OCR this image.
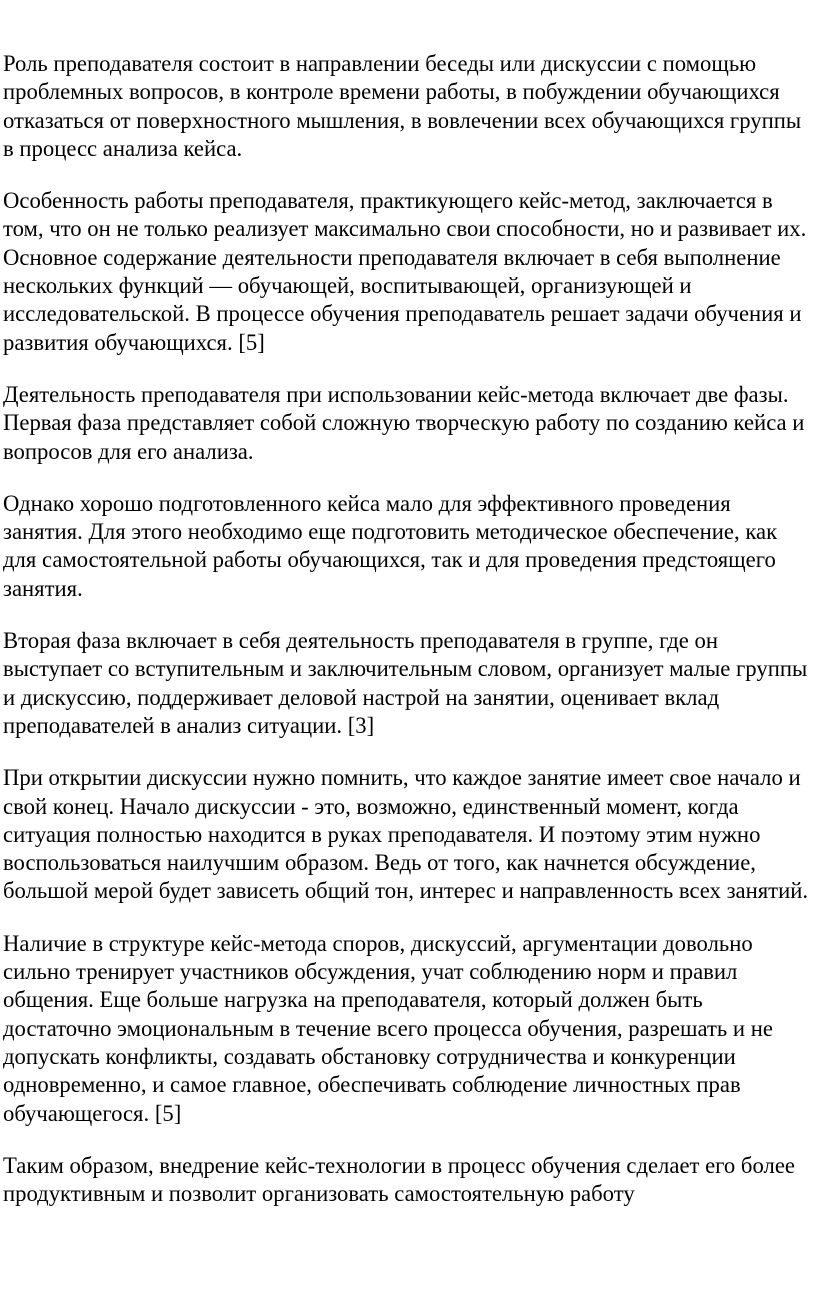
Роль преподавателя состоит в направлении беседы или дискуссии с помощью проблемных вопросов, в контроле времени работы, в побуждении обучающихся отказаться от поверхностного мышления, в вовлечении всех обучающихся группы в процесс анализа кейса.

Особенность работы преподавателя, практикующего кейс-метод, заключается в том, что он не только реализует максимально свои способности, но и развивает их. Основное содержание деятельности преподавателя включает в себя выполнение нескольких функций — обучающей, воспитывающей, организующей и исследовательской. В процессе обучения преподаватель решает задачи обучения и развития обучающихся. [5]

Деятельность преподавателя при использовании кейс-метода включает две фазы. Первая фаза представляет собой сложную творческую работу по созданию кейса и вопросов для его анализа.

Однако хорошо подготовленного кейса мало для эффективного проведения занятия. Для этого необходимо еще подготовить методическое обеспечение, как для самостоятельной работы обучающихся, так и для проведения предстоящего занятия.

Вторая фаза включает в себя деятельность преподавателя в группе, где он выступает со вступительным и заключительным словом, организует малые группы и дискуссию, поддерживает деловой настрой на занятии, оценивает вклад преподавателей в анализ ситуации. [3]

При открытии дискуссии нужно помнить, что каждое занятие имеет свое начало и свой конец. Начало дискуссии - это, возможно, единственный момент, когда ситуация полностью находится в руках преподавателя. И поэтому этим нужно воспользоваться наилучшим образом. Ведь от того, как начнется обсуждение, большой мерой будет зависеть общий тон, интерес и направленность всех занятий.

Наличие в структуре кейс-метода споров, дискуссий, аргументации довольно сильно тренирует участников обсуждения, учат соблюдению норм и правил общения. Еще больше нагрузка на преподавателя, который должен быть достаточно эмоциональным в течение всего процесса обучения, разрешать и не допускать конфликты, создавать обстановку сотрудничества и конкуренции одновременно, и самое главное, обеспечивать соблюдение личностных прав обучающегося. [5]

Таким образом, внедрение кейс-технологии в процесс обучения сделает его более продуктивным и позволит организовать самостоятельную работу
